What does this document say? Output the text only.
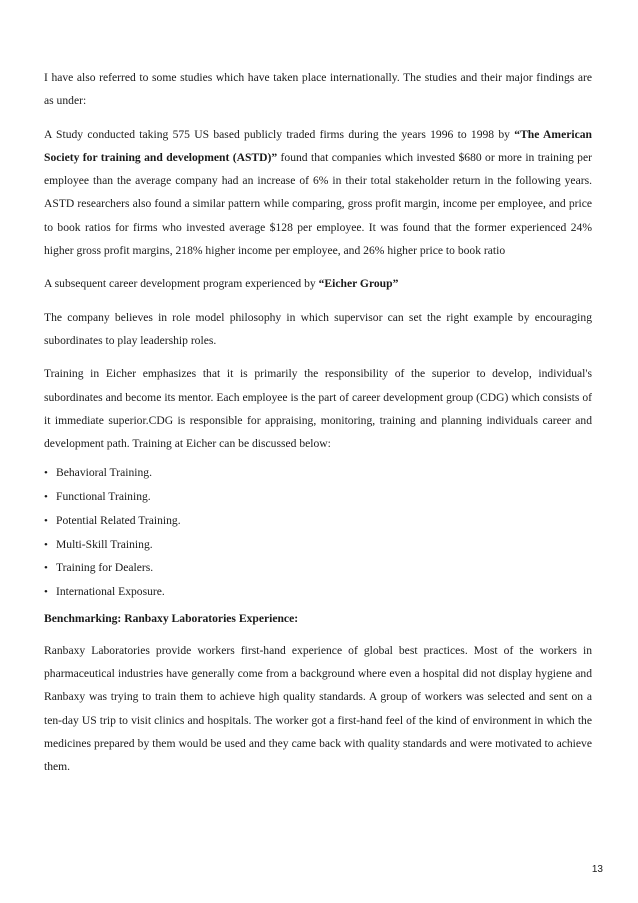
I have also referred to some studies which have taken place internationally. The studies and their major findings are as under:

A Study conducted taking 575 US based publicly traded firms during the years 1996 to 1998 by “The American Society for training and development (ASTD)” found that companies which invested $680 or more in training per employee than the average company had an increase of 6% in their total stakeholder return in the following years. ASTD researchers also found a similar pattern while comparing, gross profit margin, income per employee, and price to book ratios for firms who invested average $128 per employee. It was found that the former experienced 24% higher gross profit margins, 218% higher income per employee, and 26% higher price to book ratio

A subsequent career development program experienced by “Eicher Group”

The company believes in role model philosophy in which supervisor can set the right example by encouraging subordinates to play leadership roles.

Training in Eicher emphasizes that it is primarily the responsibility of the superior to develop, individual's subordinates and become its mentor. Each employee is the part of career development group (CDG) which consists of it immediate superior.CDG is responsible for appraising, monitoring, training and planning individuals career and development path. Training at Eicher can be discussed below:

• Behavioral Training.
• Functional Training.
• Potential Related Training.
• Multi-Skill Training.
• Training for Dealers.
• International Exposure.

Benchmarking: Ranbaxy Laboratories Experience:

Ranbaxy Laboratories provide workers first-hand experience of global best practices. Most of the workers in pharmaceutical industries have generally come from a background where even a hospital did not display hygiene and Ranbaxy was trying to train them to achieve high quality standards. A group of workers was selected and sent on a ten-day US trip to visit clinics and hospitals. The worker got a first-hand feel of the kind of environment in which the medicines prepared by them would be used and they came back with quality standards and were motivated to achieve them.

13
